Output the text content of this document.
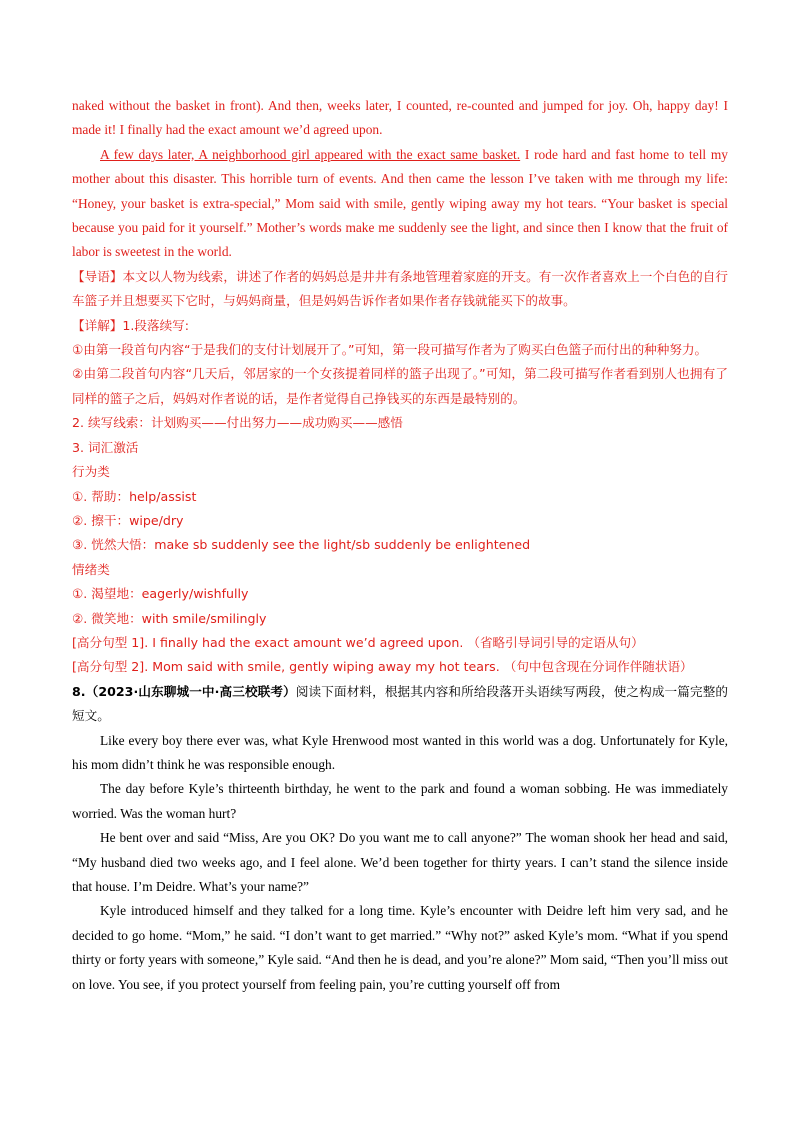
naked without the basket in front). And then, weeks later, I counted, re-counted and jumped for joy. Oh, happy day! I made it! I finally had the exact amount we’d agreed upon.

A few days later, A neighborhood girl appeared with the exact same basket. I rode hard and fast home to tell my mother about this disaster. This horrible turn of events. And then came the lesson I’ve taken with me through my life: “Honey, your basket is extra-special,” Mom said with smile, gently wiping away my hot tears. “Your basket is special because you paid for it yourself.” Mother’s words make me suddenly see the light, and since then I know that the fruit of labor is sweetest in the world.

【导语】本文以人物为线索，讲述了作者的妈妈总是井井有条地管理着家庭的开支。有一次作者喜欢上一个白色的自行车篮子并且想要买下它时，与妈妈商量，但是妈妈告诉作者如果作者存钱就能买下的故事。

【详解】1.段落续写:

①由第一段首句内容“于是我们的支付计划展开了。”可知，第一段可描写作者为了购买白色篮子而付出的种种努力。

②由第二段首句内容“几天后，邻居家的一个女孩提着同样的篮子出现了。”可知，第二段可描写作者看到别人也拥有了同样的篮子之后，妈妈对作者说的话，是作者觉得自己挣钱买的东西是最特别的。

2. 续写线索：计划购买——付出努力——成功购买——感悟

3. 词汇激活

行为类

①. 帮助：help/assist

②. 擦干：wipe/dry

③. 恍然大悟：make sb suddenly see the light/sb suddenly be enlightened

情绪类

①. 渴望地：eagerly/wishfully

②. 微笑地：with smile/smilingly

[高分句型 1]. I finally had the exact amount we’d agreed upon. （省略引导词引导的定语从句）

[高分句型 2]. Mom said with smile, gently wiping away my hot tears. （句中包含现在分词作伴随状语）

8.（2023·山东聊城一中·高三校联考）阅读下面材料，根据其内容和所给段落开头语续写两段，使之构成一篇完整的短文。

Like every boy there ever was, what Kyle Hrenwood most wanted in this world was a dog. Unfortunately for Kyle, his mom didn’t think he was responsible enough.

The day before Kyle’s thirteenth birthday, he went to the park and found a woman sobbing. He was immediately worried. Was the woman hurt?

He bent over and said “Miss, Are you OK? Do you want me to call anyone?” The woman shook her head and said, “My husband died two weeks ago, and I feel alone. We’d been together for thirty years. I can’t stand the silence inside that house. I’m Deidre. What’s your name?”

Kyle introduced himself and they talked for a long time. Kyle’s encounter with Deidre left him very sad, and he decided to go home. “Mom,” he said. “I don’t want to get married.” “Why not?” asked Kyle’s mom. “What if you spend thirty or forty years with someone,” Kyle said. “And then he is dead, and you’re alone?” Mom said, “Then you’ll miss out on love. You see, if you protect yourself from feeling pain, you’re cutting yourself off from
